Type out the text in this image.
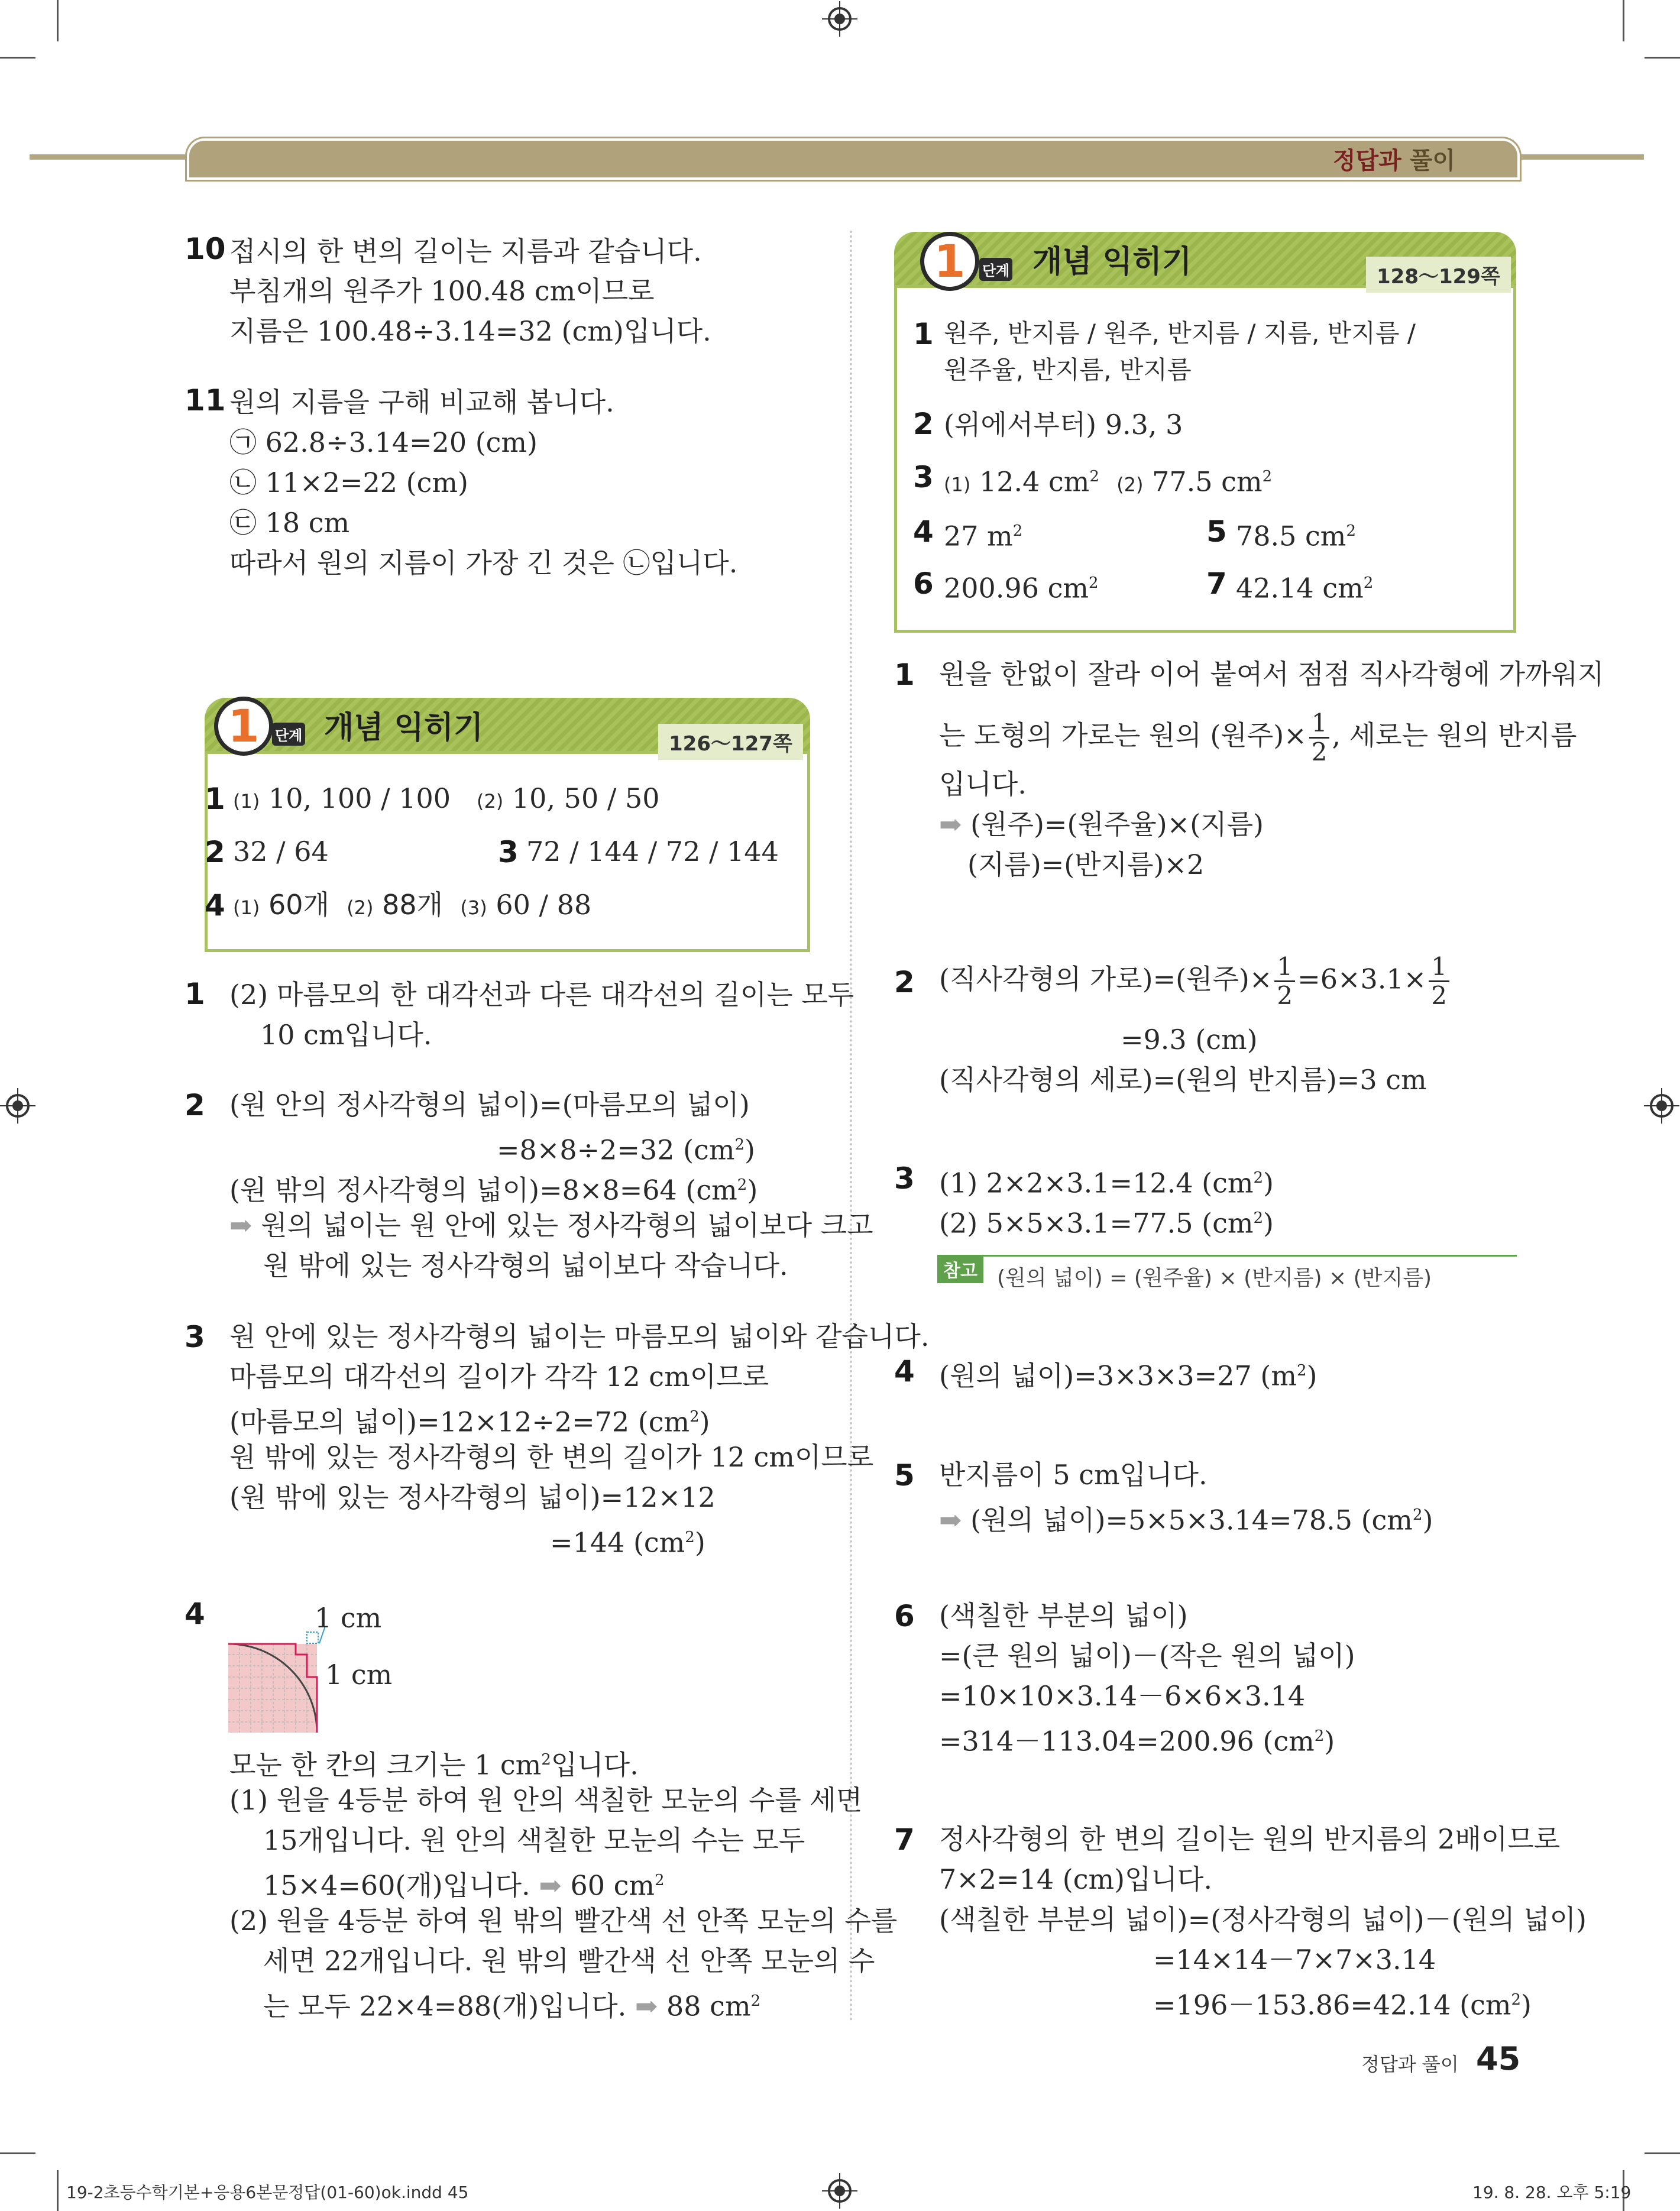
정답과 풀이
10 접시의 한 변의 길이는 지름과 같습니다.
부침개의 원주가 100.48 cm이므로
지름은 100.48÷3.14=32 (cm)입니다.
11 원의 지름을 구해 비교해 봅니다.
㉠ 62.8÷3.14=20 (cm)
㉡ 11×2=22 (cm)
㉢ 18 cm
따라서 원의 지름이 가장 긴 것은 ㉡입니다.
1	단계 개념 익히기	126～127쪽
1 (1) 10, 100 / 100 (2) 10, 50 / 50
2 32 / 64	3 72 / 144 / 72 / 144
4 (1) 60개 (2) 88개 (3) 60 / 88
1 (2) 마름모의 한 대각선과 다른 대각선의 길이는 모두
10 cm입니다.
2 (원 안의 정사각형의 넓이)=(마름모의 넓이)
=8×8÷2=32 $(cm^2)$
(원 밖의 정사각형의 넓이)=8×8=64 $(cm^2)$
➡ 원의 넓이는 원 안에 있는 정사각형의 넓이보다 크고
원 밖에 있는 정사각형의 넓이보다 작습니다.
3 원 안에 있는 정사각형의 넓이는 마름모의 넓이와 같습니다.
마름모의 대각선의 길이가 각각 12 cm이므로
(마름모의 넓이)=12×12÷2=72 $(cm^2)$
원 밖에 있는 정사각형의 한 변의 길이가 12 cm이므로
(원 밖에 있는 정사각형의 넓이)=12×12
=144 $(cm^2)$
4	1 cm
1 cm
모눈 한 칸의 크기는 1 $cm^2$입니다.
(1) 원을 4등분 하여 원 안의 색칠한 모눈의 수를 세면
15개입니다. 원 안의 색칠한 모눈의 수는 모두
15×4=60(개)입니다. ➡ 60 $cm^2$
(2) 원을 4등분 하여 원 밖의 빨간색 선 안쪽 모눈의 수를
세면 22개입니다. 원 밖의 빨간색 선 안쪽 모눈의 수
는 모두 22×4=88(개)입니다. ➡ 88 $cm^2$
1	단계 개념 익히기	128～129쪽
1 원주, 반지름 / 원주, 반지름 / 지름, 반지름 /
원주율, 반지름, 반지름
2 (위에서부터) 9.3, 3
3 (1) 12.4 $cm^2$ (2) 77.5 $cm^2$
4 27 $m^2$	5 78.5 $cm^2$
6 200.96 $cm^2$	7 42.14 $cm^2$
1 원을 한없이 잘라 이어 붙여서 점점 직사각형에 가까워지
는 도형의 가로는 원의 (원주)× $\frac{1}{2}$ , 세로는 원의 반지름
입니다.
➡ (원주)=(원주율)×(지름)
(지름)=(반지름)×2
2 (직사각형의 가로)=(원주)× $\frac{1}{2} =6\times 3.1\times \frac{1}{2}$
=9.3 (cm)
(직사각형의 세로)=(원의 반지름)=3 cm
3 (1) 2×2×3.1=12.4 $(cm^2)$
(2) 5×5×3.1=77.5 $(cm^2)$
참고 (원의 넓이) = (원주율) × (반지름) × (반지름)
4 (원의 넓이)=3×3×3=27 $(m^2)$
5 반지름이 5 cm입니다.
➡ (원의 넓이)=5×5×3.14=78.5 $(cm^2)$
6 (색칠한 부분의 넓이)
=(큰 원의 넓이)－(작은 원의 넓이)
=10×10×3.14－6×6×3.14
=314－113.04=200.96 $(cm^2)$
7 정사각형의 한 변의 길이는 원의 반지름의 2배이므로
7×2=14 (cm)입니다.
(색칠한 부분의 넓이)=(정사각형의 넓이)－(원의 넓이)
=14×14－7×7×3.14
=196－153.86=42.14 $(cm^2)$
정답과 풀이 45
19-2초등수학기본+응용6본문정답(01-60)ok.indd 45	19. 8. 28. 오후 5:19
